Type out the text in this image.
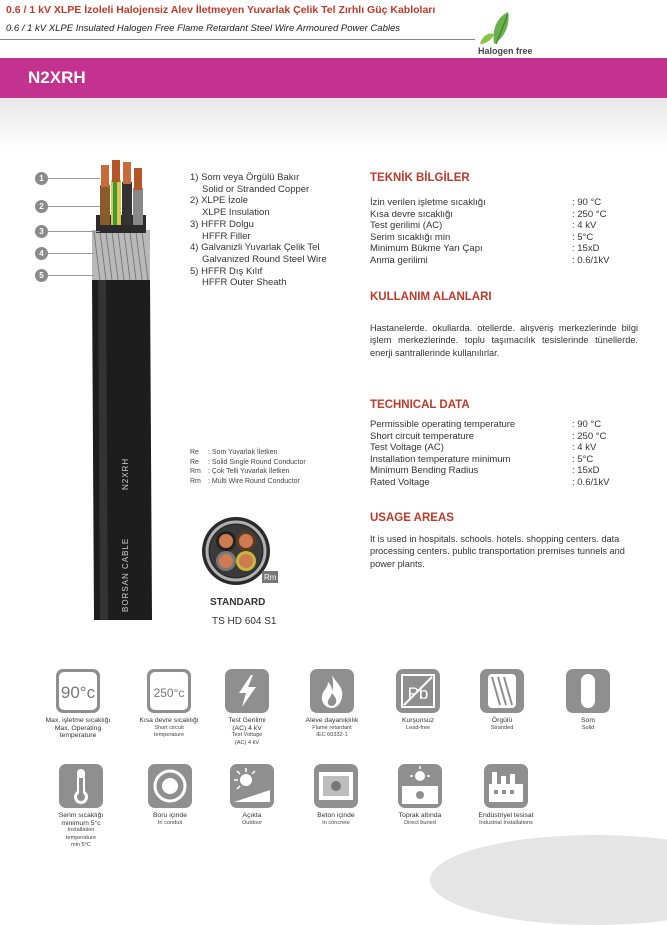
0.6 / 1 kV XLPE İzoleli Halojensiz Alev İletmeyen Yuvarlak Çelik Tel Zırhlı Güç Kabloları
0.6 / 1 kV XLPE Insulated Halogen Free Flame Retardant Steel Wire Armoured Power Cables
Halogen free
N2XRH
BORSAN CABLE
N2XRH
1
2
3
4
5
1) Som veya Örgülü Bakır
Solid or Stranded Copper
2) XLPE İzole
XLPE Insulation
3) HFFR Dolgu
HFFR Filler
4) Galvanizli Yuvarlak Çelik Tel
Galvanized Round Steel Wire
5) HFFR Dış Kılıf
HFFR Outer Sheath
Re : Som Yuvarlak İletken
Re : Solid Single Round Conductor
Rm : Çok Telli Yuvarlak İletken
Rm : Multi Wire Round Conductor
Rm
STANDARD
TS HD 604 S1
TEKNİK BİLGİLER
İzin verilen işletme sıcaklığı	: 90 °C
Kısa devre sıcaklığı	: 250 °C
Test gerilimi (AC)	: 4 kV
Serim sıcaklığı min	: 5°C
Minimum Bükme Yarı Çapı	: 15xD
Anma gerilimi	: 0.6/1kV
KULLANIM ALANLARI
Hastanelerde. okullarda. otellerde. alışveriş merkezlerinde bilgi işlem merkezlerinde. toplu taşımacılık tesislerinde tünellerde. enerji santrallerinde kullanılırlar.
TECHNICAL DATA
Permissible operating temperature	: 90 °C
Short circuit temperature	: 250 °C
Test Voltage (AC)	: 4 kV
Installation temperature minimum	: 5°C
Minimum Bending Radius	: 15xD
Rated Voltage	: 0.6/1kV
USAGE AREAS
It is used in hospitals. schools. hotels. shopping centers. data processing centers. public transportation premises tunnels and power plants.
90°c	250°c	Pb
Max. işletme sıcaklığı
Max. Operating
temperature
Kısa devre sıcaklığı
Short circuit
temperature
Test Gerilimi
(AC) 4 kV
Test Voltage
(AC) 4 kV
Aleve dayanıklılık
Flame retardant
IEC 60332-1
Kurşunsuz
Lead-free
Örgülü
Stranded
Som
Solid
Serim sıcaklığı
minimum 5°c
Installation
temperature
min 5°C
Boru içinde
In conduit
Açıkta
Outdoor
Beton içinde
In concrete
Toprak altında
Direct buried
Endüstriyel tesisat
Industrial Installations
